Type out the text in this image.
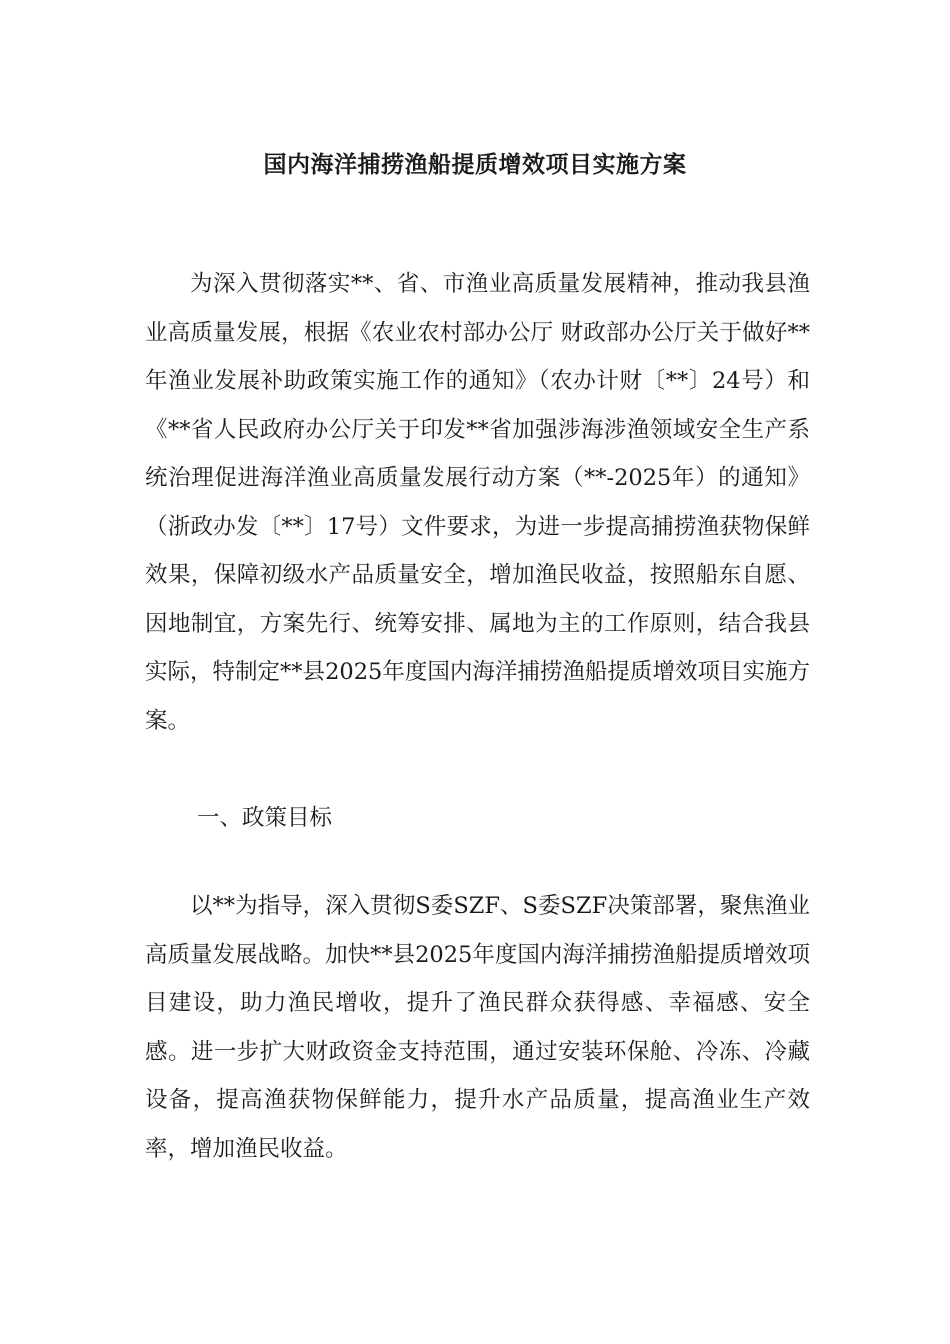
国内海洋捕捞渔船提质增效项目实施方案

为深入贯彻落实**、省、市渔业高质量发展精神，推动我县渔业高质量发展，根据《农业农村部办公厅 财政部办公厅关于做好**年渔业发展补助政策实施工作的通知》（农办计财〔**〕24号）和《**省人民政府办公厅关于印发**省加强涉海涉渔领域安全生产系统治理促进海洋渔业高质量发展行动方案（**-2025年）的通知》（浙政办发〔**〕17号）文件要求，为进一步提高捕捞渔获物保鲜效果，保障初级水产品质量安全，增加渔民收益，按照船东自愿、因地制宜，方案先行、统筹安排、属地为主的工作原则，结合我县实际，特制定**县2025年度国内海洋捕捞渔船提质增效项目实施方案。

一、政策目标

以**为指导，深入贯彻S委SZF、S委SZF决策部署，聚焦渔业高质量发展战略。加快**县2025年度国内海洋捕捞渔船提质增效项目建设，助力渔民增收，提升了渔民群众获得感、幸福感、安全感。进一步扩大财政资金支持范围，通过安装环保舱、冷冻、冷藏设备，提高渔获物保鲜能力，提升水产品质量，提高渔业生产效率，增加渔民收益。
